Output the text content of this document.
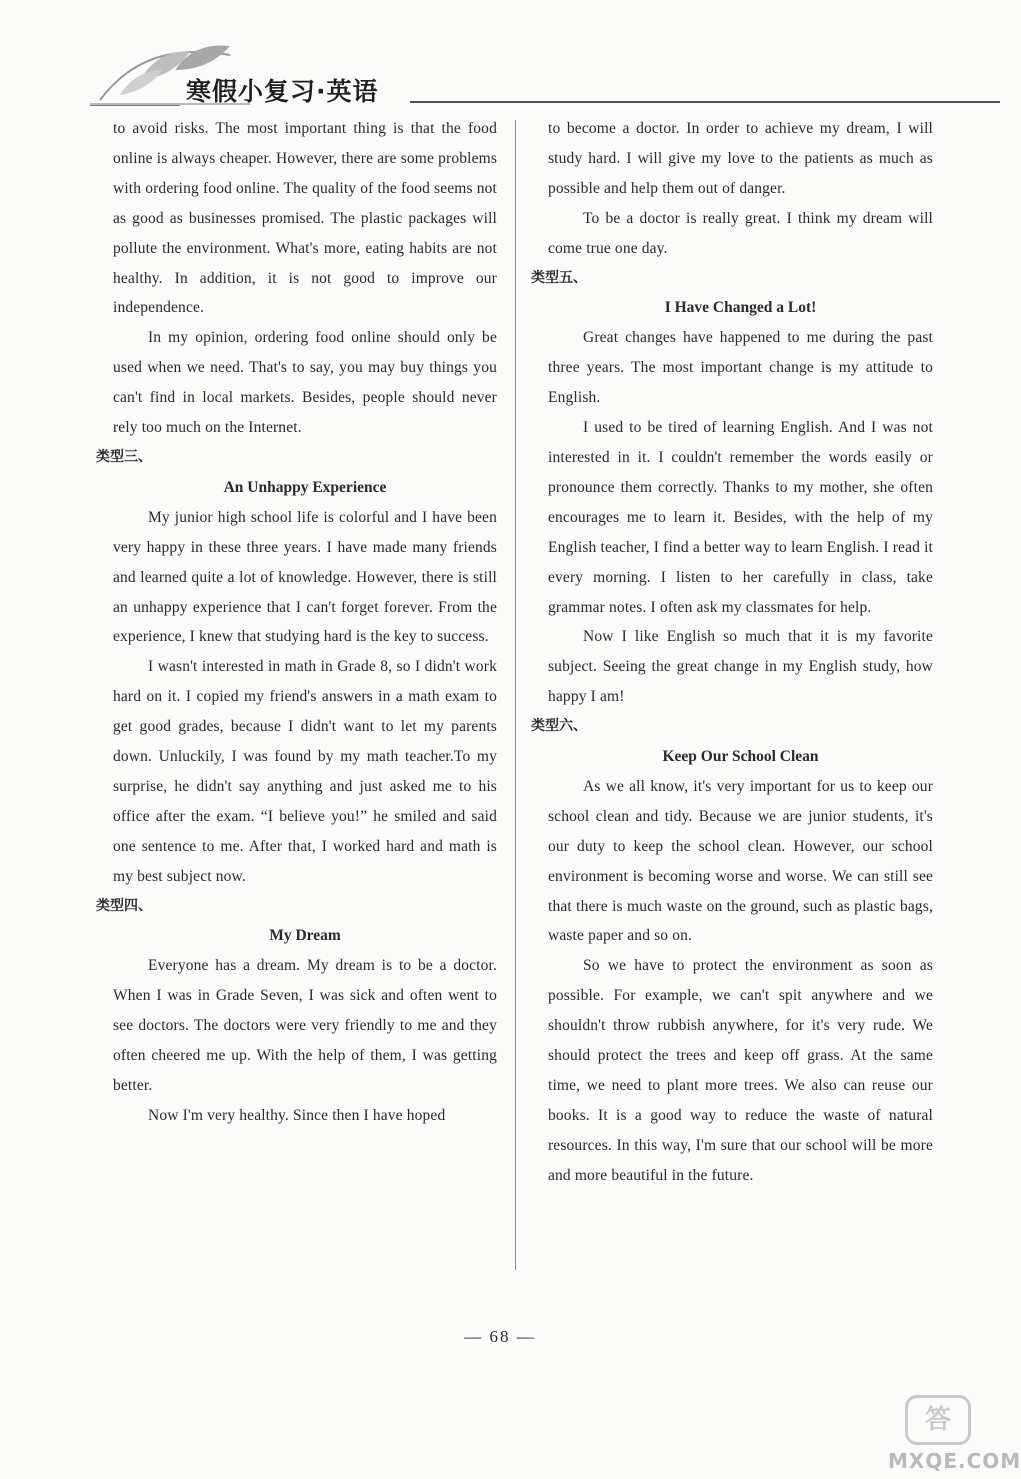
寒假小复习·英语

to avoid risks. The most important thing is that the food online is always cheaper. However, there are some problems with ordering food online. The quality of the food seems not as good as businesses promised. The plastic packages will pollute the environment. What's more, eating habits are not healthy. In addition, it is not good to improve our independence.

In my opinion, ordering food online should only be used when we need. That's to say, you may buy things you can't find in local markets. Besides, people should never rely too much on the Internet.

类型三、
An Unhappy Experience

My junior high school life is colorful and I have been very happy in these three years. I have made many friends and learned quite a lot of knowledge. However, there is still an unhappy experience that I can't forget forever. From the experience, I knew that studying hard is the key to success.

I wasn't interested in math in Grade 8, so I didn't work hard on it. I copied my friend's answers in a math exam to get good grades, because I didn't want to let my parents down. Unluckily, I was found by my math teacher.To my surprise, he didn't say anything and just asked me to his office after the exam. “I believe you!” he smiled and said one sentence to me. After that, I worked hard and math is my best subject now.

类型四、
My Dream

Everyone has a dream. My dream is to be a doctor. When I was in Grade Seven, I was sick and often went to see doctors. The doctors were very friendly to me and they often cheered me up. With the help of them, I was getting better.

Now I'm very healthy. Since then I have hoped

to become a doctor. In order to achieve my dream, I will study hard. I will give my love to the patients as much as possible and help them out of danger.

To be a doctor is really great. I think my dream will come true one day.

类型五、
I Have Changed a Lot!

Great changes have happened to me during the past three years. The most important change is my attitude to English.

I used to be tired of learning English. And I was not interested in it. I couldn't remember the words easily or pronounce them correctly. Thanks to my mother, she often encourages me to learn it. Besides, with the help of my English teacher, I find a better way to learn English. I read it every morning. I listen to her carefully in class, take grammar notes. I often ask my classmates for help.

Now I like English so much that it is my favorite subject. Seeing the great change in my English study, how happy I am!

类型六、
Keep Our School Clean

As we all know, it's very important for us to keep our school clean and tidy. Because we are junior students, it's our duty to keep the school clean. However, our school environment is becoming worse and worse. We can still see that there is much waste on the ground, such as plastic bags, waste paper and so on.

So we have to protect the environment as soon as possible. For example, we can't spit anywhere and we shouldn't throw rubbish anywhere, for it's very rude. We should protect the trees and keep off grass. At the same time, we need to plant more trees. We also can reuse our books. It is a good way to reduce the waste of natural resources. In this way, I'm sure that our school will be more and more beautiful in the future.

— 68 —
答
MXQE.COM
